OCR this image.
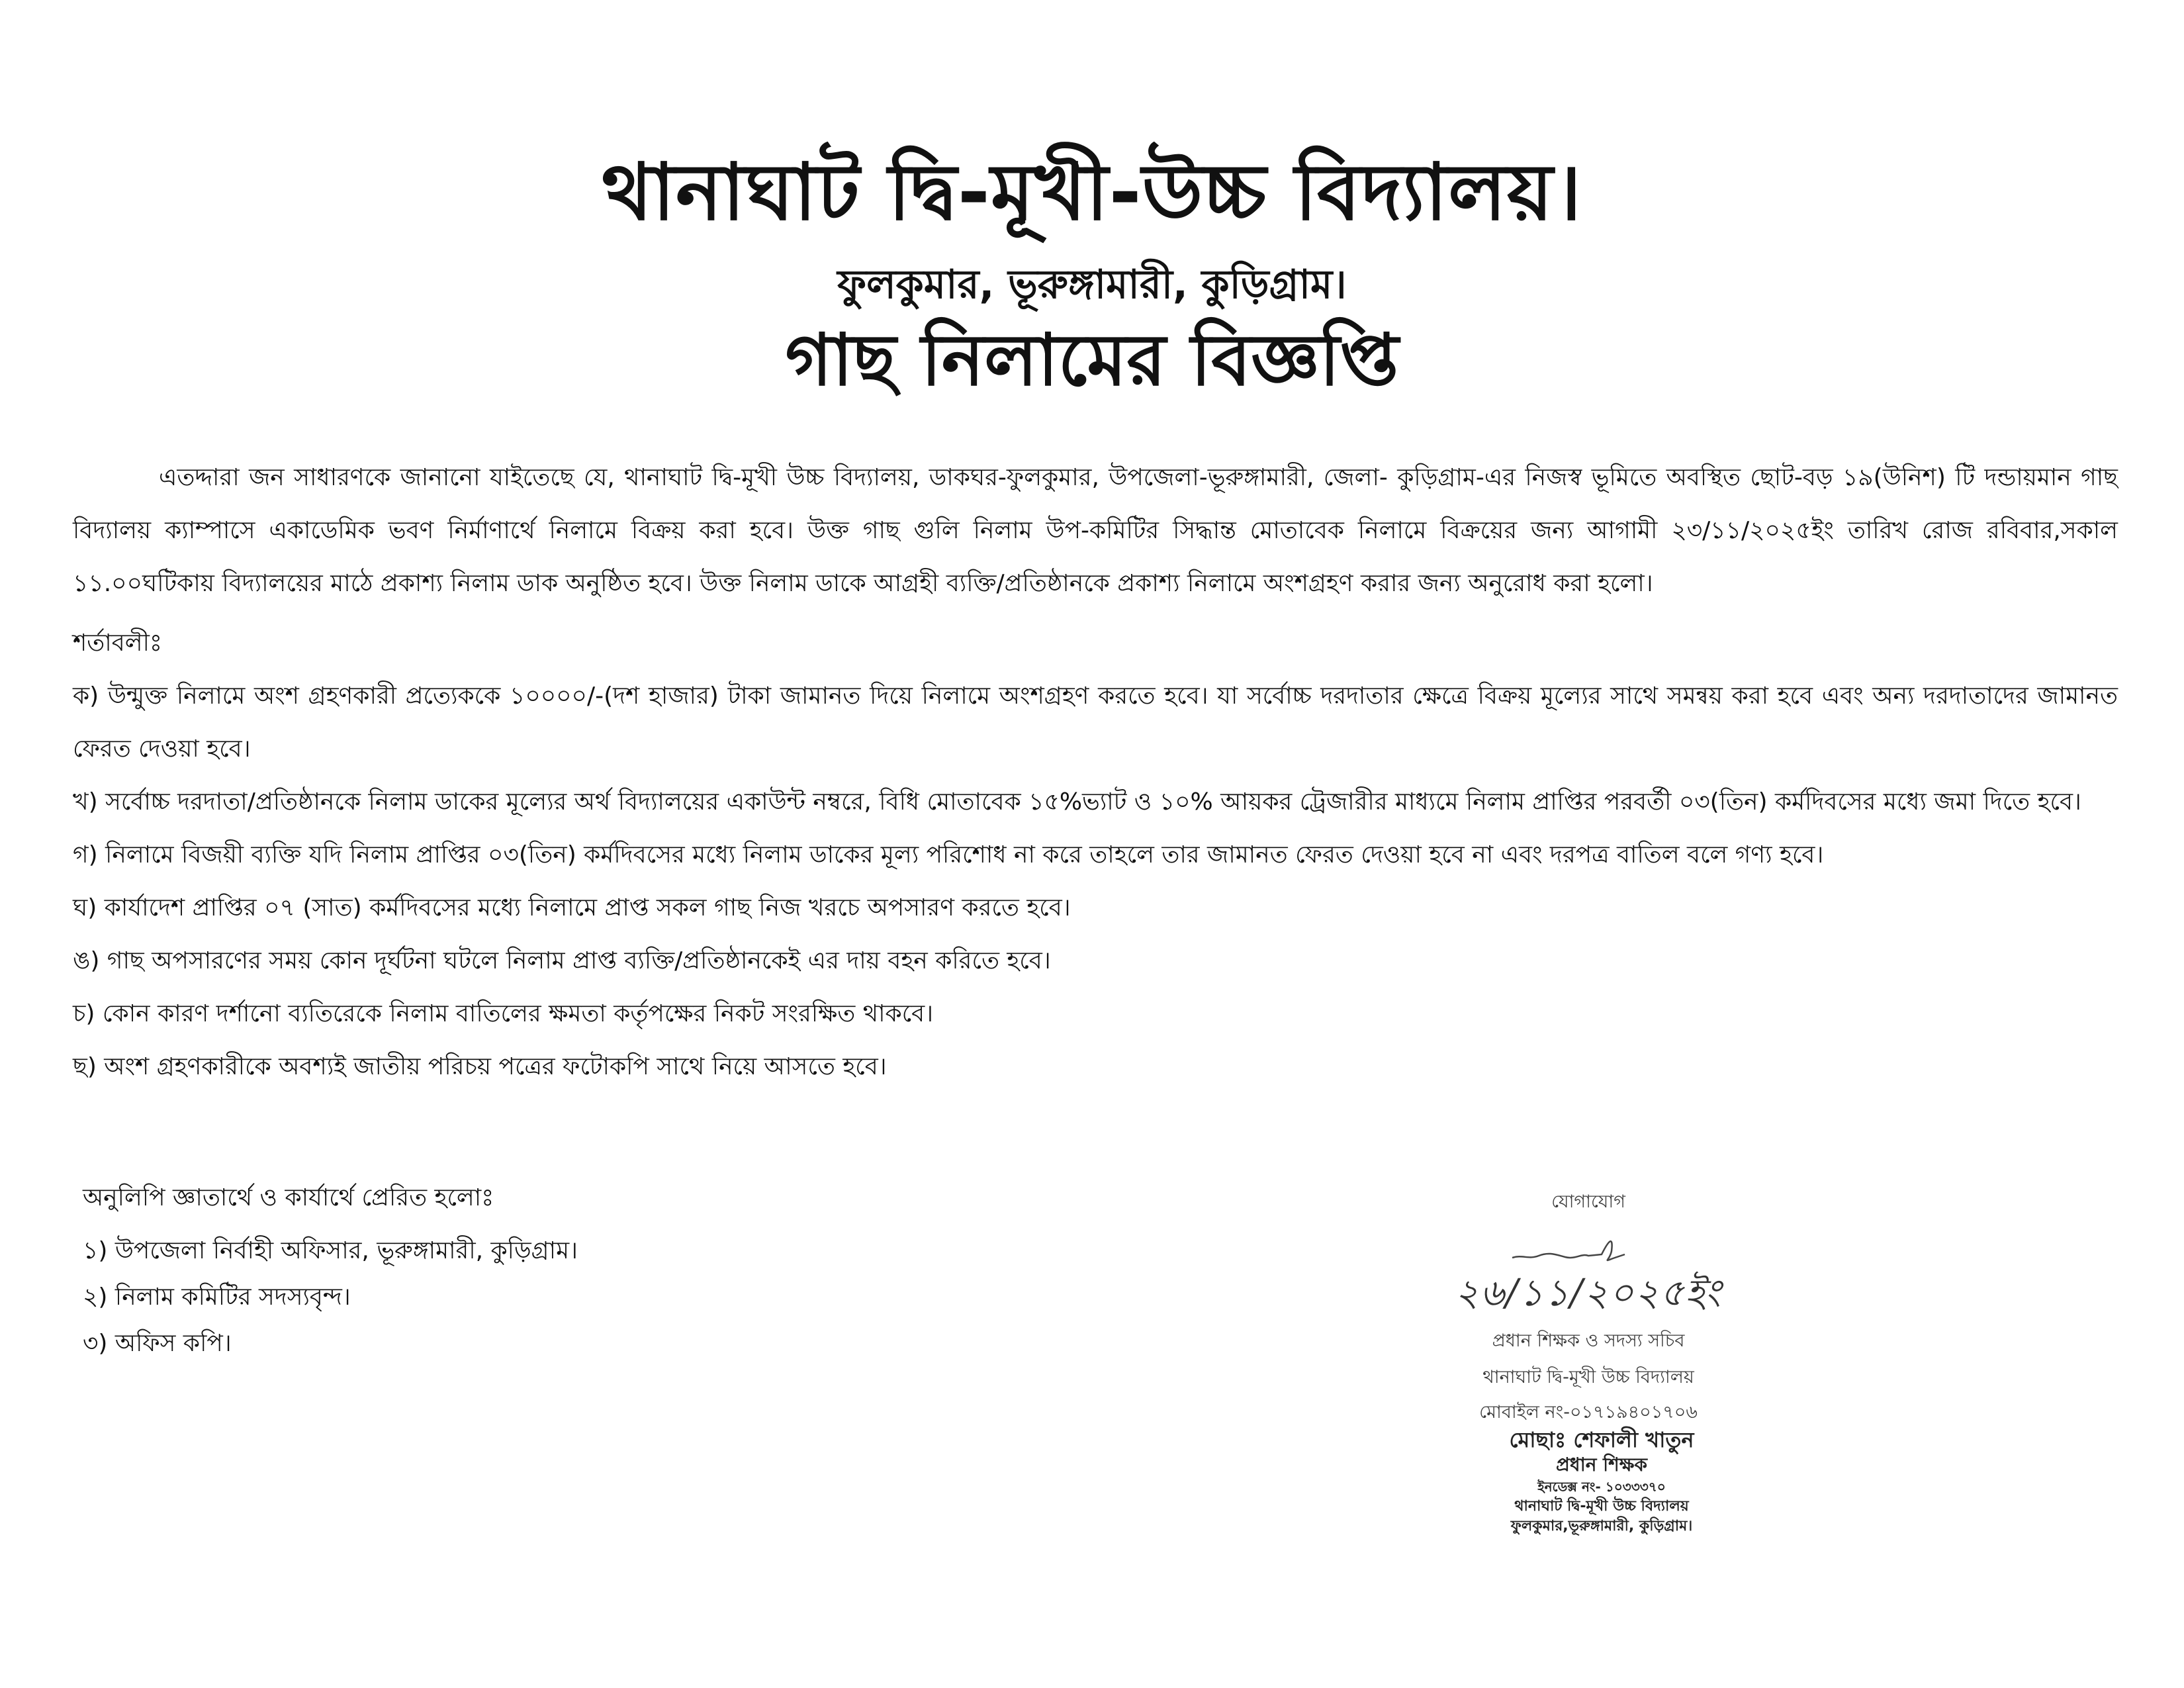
থানাঘাট দ্বি-মূখী-উচ্চ বিদ্যালয়।
ফুলকুমার, ভূরুঙ্গামারী, কুড়িগ্রাম।
গাছ নিলামের বিজ্ঞপ্তি

এতদ্দারা জন সাধারণকে জানানো যাইতেছে যে, থানাঘাট দ্বি-মূখী উচ্চ বিদ্যালয়, ডাকঘর-ফুলকুমার, উপজেলা-ভূরুঙ্গামারী, জেলা- কুড়িগ্রাম-এর নিজস্ব ভূমিতে অবস্থিত ছোট-বড় ১৯(উনিশ) টি দন্ডায়মান গাছ বিদ্যালয় ক্যাম্পাসে একাডেমিক ভবণ নির্মাণার্থে নিলামে বিক্রয় করা হবে। উক্ত গাছ গুলি নিলাম উপ-কমিটির সিদ্ধান্ত মোতাবেক নিলামে বিক্রয়ের জন্য আগামী ২৩/১১/২০২৫ইং তারিখ রোজ রবিবার,সকাল ১১.০০ঘটিকায় বিদ্যালয়ের মাঠে প্রকাশ্য নিলাম ডাক অনুষ্ঠিত হবে। উক্ত নিলাম ডাকে আগ্রহী ব্যক্তি/প্রতিষ্ঠানকে প্রকাশ্য নিলামে অংশগ্রহণ করার জন্য অনুরোধ করা হলো।

শর্তাবলীঃ

ক) উন্মুক্ত নিলামে অংশ গ্রহণকারী প্রত্যেককে ১০০০০/-(দশ হাজার) টাকা জামানত দিয়ে নিলামে অংশগ্রহণ করতে হবে। যা সর্বোচ্চ দরদাতার ক্ষেত্রে বিক্রয় মূল্যের সাথে সমন্বয় করা হবে এবং অন্য দরদাতাদের জামানত ফেরত দেওয়া হবে।
খ) সর্বোচ্চ দরদাতা/প্রতিষ্ঠানকে নিলাম ডাকের মূল্যের অর্থ বিদ্যালয়ের একাউন্ট নম্বরে, বিধি মোতাবেক ১৫%ভ্যাট ও ১০% আয়কর ট্রেজারীর মাধ্যমে নিলাম প্রাপ্তির পরবর্তী ০৩(তিন) কর্মদিবসের মধ্যে জমা দিতে হবে।
গ) নিলামে বিজয়ী ব্যক্তি যদি নিলাম প্রাপ্তির ০৩(তিন) কর্মদিবসের মধ্যে নিলাম ডাকের মূল্য পরিশোধ না করে তাহলে তার জামানত ফেরত দেওয়া হবে না এবং দরপত্র বাতিল বলে গণ্য হবে।
ঘ) কার্যাদেশ প্রাপ্তির ০৭ (সাত) কর্মদিবসের মধ্যে নিলামে প্রাপ্ত সকল গাছ নিজ খরচে অপসারণ করতে হবে।
ঙ) গাছ অপসারণের সময় কোন দূর্ঘটনা ঘটলে নিলাম প্রাপ্ত ব্যক্তি/প্রতিষ্ঠানকেই এর দায় বহন করিতে হবে।
চ) কোন কারণ দর্শানো ব্যতিরেকে নিলাম বাতিলের ক্ষমতা কর্তৃপক্ষের নিকট সংরক্ষিত থাকবে।
ছ) অংশ গ্রহণকারীকে অবশ্যই জাতীয় পরিচয় পত্রের ফটোকপি সাথে নিয়ে আসতে হবে।

অনুলিপি জ্ঞাতার্থে ও কার্যার্থে প্রেরিত হলোঃ

১) উপজেলা নির্বাহী অফিসার, ভূরুঙ্গামারী, কুড়িগ্রাম।
২) নিলাম কমিটির সদস্যবৃন্দ।
৩) অফিস কপি।
যোগাযোগ
২৬/১১/২০২৫ইং
প্রধান শিক্ষক ও সদস্য সচিব
থানাঘাট দ্বি-মূখী উচ্চ বিদ্যালয়
মোবাইল নং-০১৭১৯৪০১৭০৬
মোছাঃ শেফালী খাতুন
প্রধান শিক্ষক
ইনডেক্স নং- ১০৩৩৩৭০
থানাঘাট দ্বি-মূখী উচ্চ বিদ্যালয়
ফুলকুমার,ভূরুঙ্গামারী, কুড়িগ্রাম।
